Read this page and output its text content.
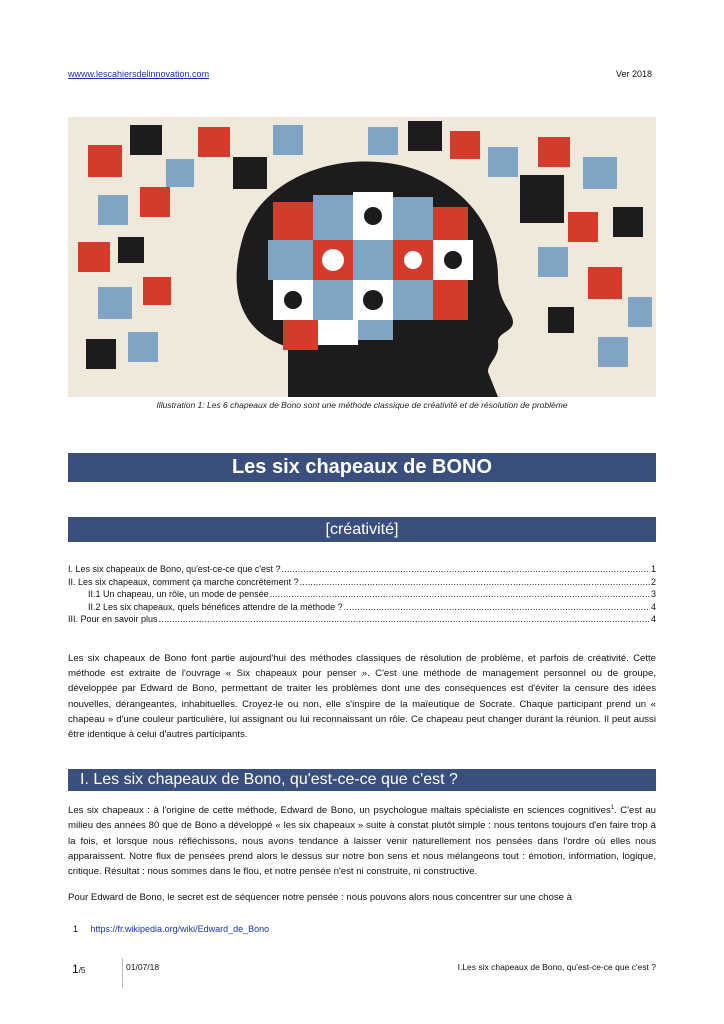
wwww.lescahiersdelinnovation.com	Ver 2018
Illustration 1: Les 6 chapeaux de Bono sont une méthode classique de créativité et de résolution de problème
Les six chapeaux de BONO
[créativité]
I. Les six chapeaux de Bono, qu'est-ce-ce que c'est ? .....	1
II. Les six chapeaux, comment ça marche concrètement ? .....	2
II.1 Un chapeau, un rôle, un mode de pensée .....	3
II.2 Les six chapeaux, quels bénéfices attendre de la méthode ? .....	4
III. Pour en savoir plus .....	4
Les six chapeaux de Bono font partie aujourd'hui des méthodes classiques de résolution de problème, et parfois de créativité. Cette méthode est extraite de l'ouvrage « Six chapeaux pour penser ». C'est une méthode de management personnel ou de groupe, développée par Edward de Bono, permettant de traiter les problèmes dont une des conséquences est d'éviter la censure des idées nouvelles, dérangeantes, inhabituelles. Croyez-le ou non, elle s'inspire de la maïeutique de Socrate. Chaque participant prend un « chapeau » d'une couleur particulière, lui assignant ou lui reconnaissant un rôle. Ce chapeau peut changer durant la réunion. Il peut aussi être identique à celui d'autres participants.
I. Les six chapeaux de Bono, qu'est-ce-ce que c'est ?
Les six chapeaux : à l'origine de cette méthode, Edward de Bono, un psychologue maltais spécialiste en sciences cognitives$^1$. C'est au milieu des années 80 que de Bono a développé « les six chapeaux » suite à constat plutôt simple : nous tentons toujours d'en faire trop à la fois, et lorsque nous réfléchissons, nous avons tendance à laisser venir naturellement nos pensées dans l'ordre où elles nous apparaissent. Notre flux de pensées prend alors le dessus sur notre bon sens et nous mélangeons tout : émotion, information, logique, critique. Résultat : nous sommes dans le flou, et notre pensée n'est ni construite, ni constructive.
Pour Edward de Bono, le secret est de séquencer notre pensée : nous pouvons alors nous concentrer sur une chose à
1 https://fr.wikipedia.org/wiki/Edward_de_Bono
1/5	01/07/18	I.Les six chapeaux de Bono, qu'est-ce-ce que c'est ?
